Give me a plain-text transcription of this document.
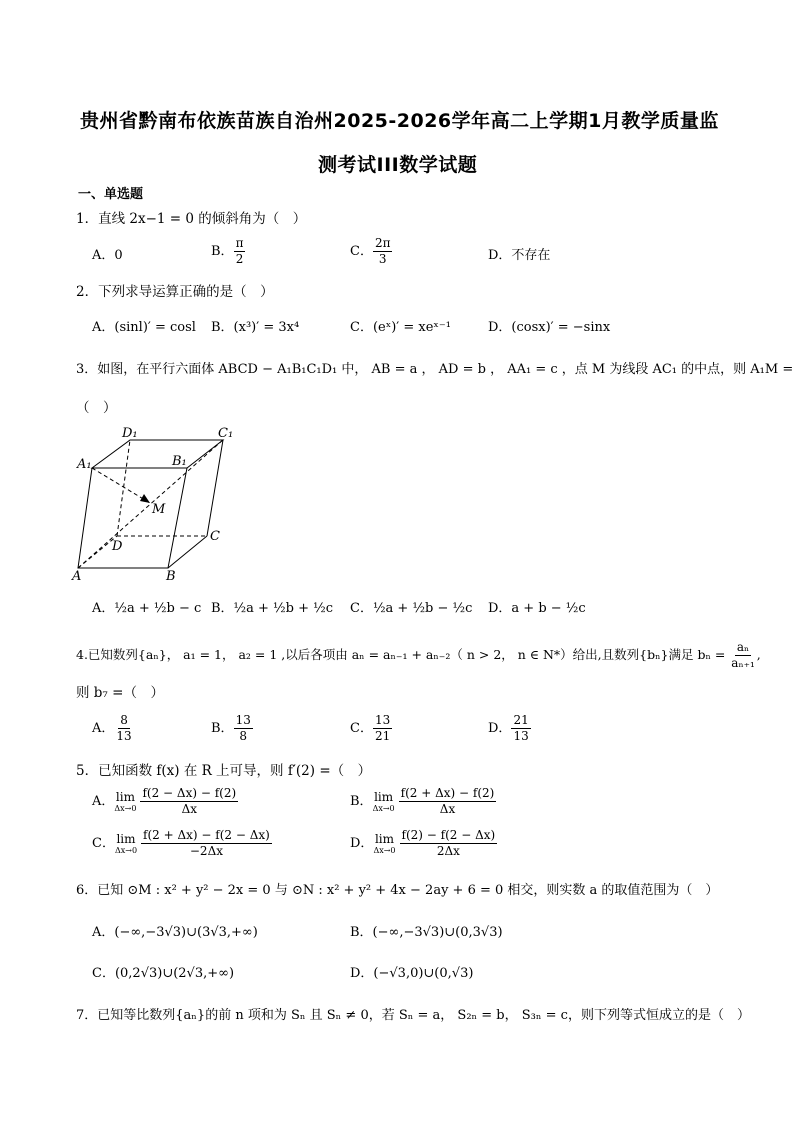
贵州省黔南布依族苗族自治州2025-2026学年高二上学期1月教学质量监
测考试III数学试题
一、单选题
1．直线 2x−1 = 0 的倾斜角为（　）
A．0	B． $\frac{\pi}{2}$	C． $\frac{2\pi}{3}$	D．不存在
2．下列求导运算正确的是（　）
A．(sinl)′ = cosl B．(x³)′ = 3x⁴	C．(eˣ)′ = xeˣ⁻¹	D．(cosx)′ = −sinx
3．如图，在平行六面体 ABCD − A₁B₁C₁D₁ 中， AB = a ， AD = b ， AA₁ = c ，点 M 为线段 AC₁ 的中点，则 A₁M =
（　）
D₁	C₁
A₁	B₁
M
D
C
A	B
A．½a + ½b − c B．½a + ½b + ½c C．½a + ½b − ½c D．a + b − ½c
4.已知数列{aₙ}， a₁ = 1， a₂ = 1 ,以后各项由 aₙ = aₙ₋₁ + aₙ₋₂（ n > 2， n ∈ N*）给出,且数列{bₙ}满足 $b_n = \frac{\text{aₙ}}{\text{aₙ₊₁}}$ ,
则 b₇ =（　）
A． $\frac{8}{13}$	B． $\frac{13}{8}$	C． $\frac{13}{21}$	D． $\frac{21}{13}$
5．已知函数 f(x) 在 R 上可导，则 f′(2) =（　）
A． lim
$\Delta x\to 0 \frac{f(2 - \Delta x) - f(2)}{\Delta x}$	B． lim
$\Delta x\to 0 \frac{f(2 + \Delta x) - f(2)}{\Delta x}$
C． lim
$\Delta x\to 0 \frac{f(2 + \Delta x) - f(2 - \Delta x)}{-2\Delta x}$	D． lim
$\Delta x\to 0 \frac{f(2) - f(2 - \Delta x)}{2\Delta x}$
6．已知 ⊙M : x² + y² − 2x = 0 与 ⊙N : x² + y² + 4x − 2ay + 6 = 0 相交，则实数 a 的取值范围为（　）
A．(−∞,−3√3)∪(3√3,+∞)	B．(−∞,−3√3)∪(0,3√3)
C．(0,2√3)∪(2√3,+∞)	D．(−√3,0)∪(0,√3)
7．已知等比数列{aₙ}的前 n 项和为 Sₙ 且 Sₙ ≠ 0，若 Sₙ = a， S₂ₙ = b， S₃ₙ = c，则下列等式恒成立的是（　）
